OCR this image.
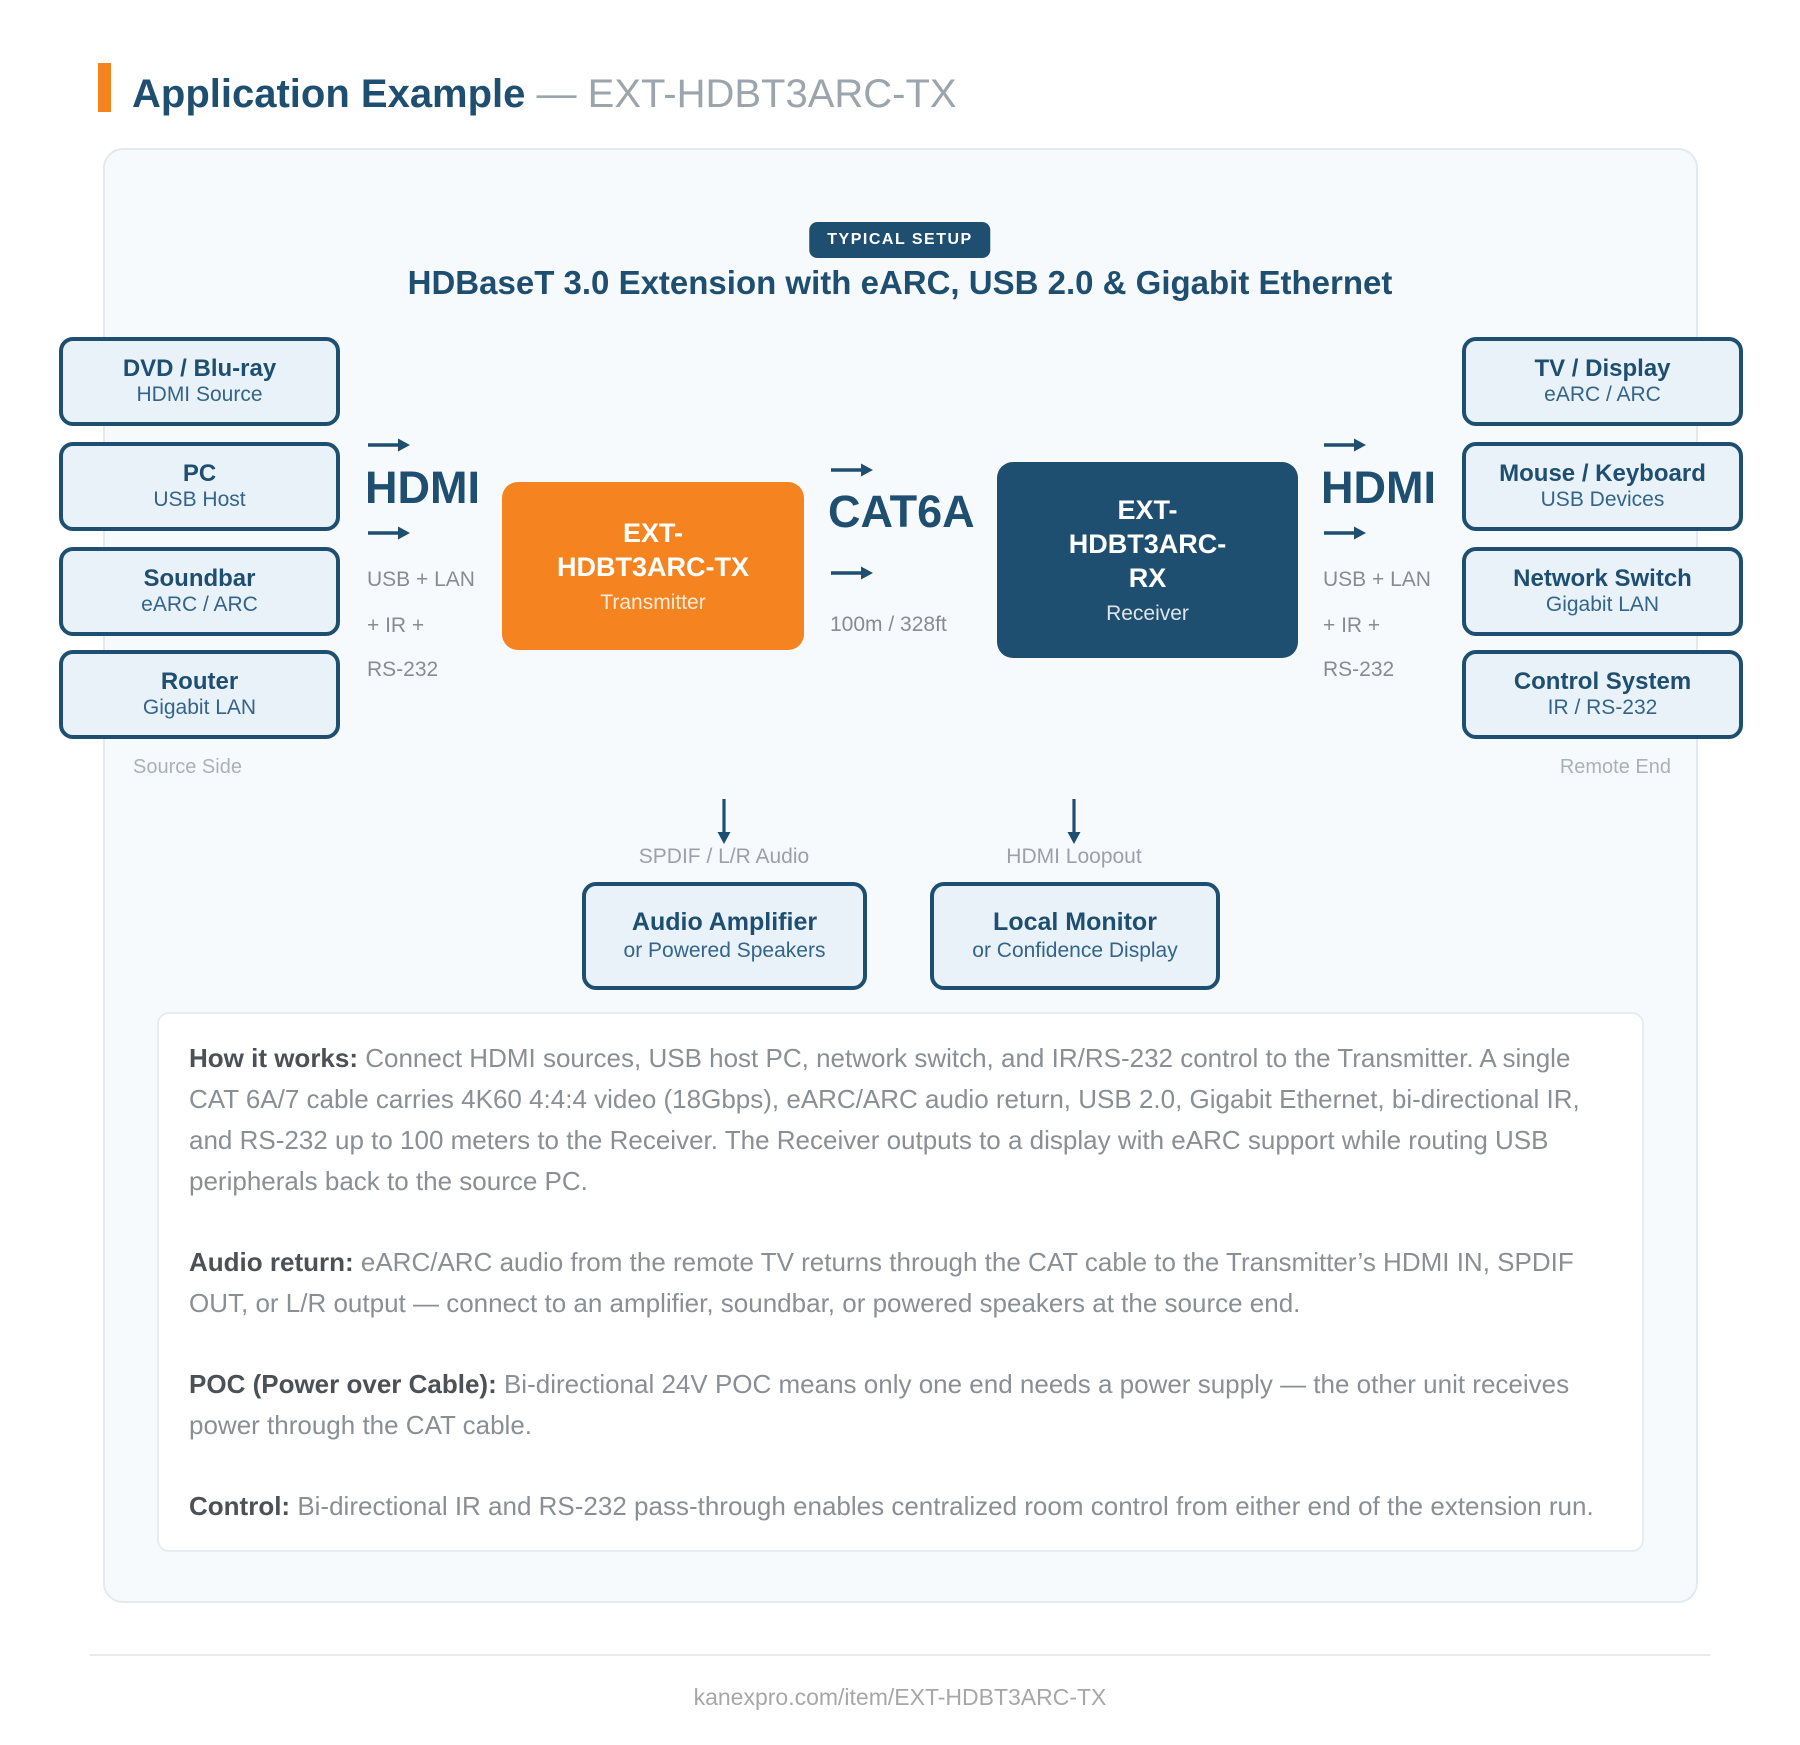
Application Example — EXT-HDBT3ARC-TX
TYPICAL SETUP
HDBaseT 3.0 Extension with eARC, USB 2.0 & Gigabit Ethernet
DVD / Blu-ray
HDMI Source
PC
USB Host
Soundbar
eARC / ARC
Router
Gigabit LAN
TV / Display
eARC / ARC
Mouse / Keyboard
USB Devices
Network Switch
Gigabit LAN
Control System
IR / RS-232
Source Side	Remote End
HDMI
USB + LAN
+ IR +
RS-232
EXT-
HDBT3ARC-TX
Transmitter
CAT6A
100m / 328ft
EXT-
HDBT3ARC-
RX
Receiver
HDMI
USB + LAN
+ IR +
RS-232
SPDIF / L/R Audio
Audio Amplifier
or Powered Speakers
HDMI Loopout
Local Monitor
or Confidence Display

How it works: Connect HDMI sources, USB host PC, network switch, and IR/RS-232 control to the Transmitter. A single CAT 6A/7 cable carries 4K60 4:4:4 video (18Gbps), eARC/ARC audio return, USB 2.0, Gigabit Ethernet, bi-directional IR, and RS-232 up to 100 meters to the Receiver. The Receiver outputs to a display with eARC support while routing USB peripherals back to the source PC.

Audio return: eARC/ARC audio from the remote TV returns through the CAT cable to the Transmitter’s HDMI IN, SPDIF OUT, or L/R output — connect to an amplifier, soundbar, or powered speakers at the source end.

POC (Power over Cable): Bi-directional 24V POC means only one end needs a power supply — the other unit receives power through the CAT cable.

Control: Bi-directional IR and RS-232 pass-through enables centralized room control from either end of the extension run.

kanexpro.com/item/EXT-HDBT3ARC-TX
